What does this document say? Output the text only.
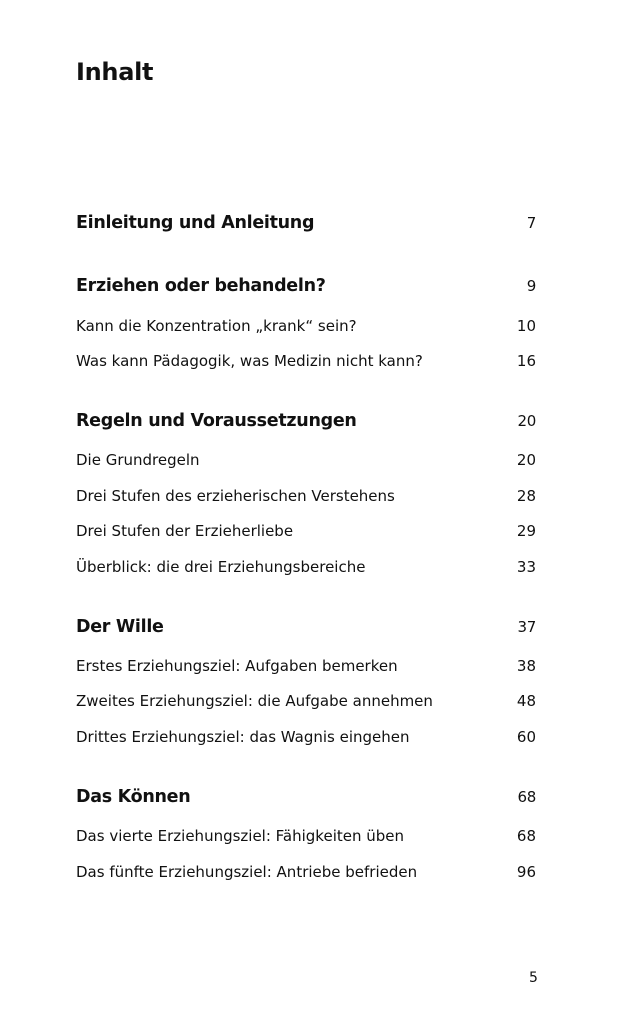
Inhalt
Einleitung und Anleitung	7
Erziehen oder behandeln?	9
Kann die Konzentration „krank“ sein?	10
Was kann Pädagogik, was Medizin nicht kann?	16
Regeln und Voraussetzungen	20
Die Grundregeln	20
Drei Stufen des erzieherischen Verstehens	28
Drei Stufen der Erzieherliebe	29
Überblick: die drei Erziehungsbereiche	33
Der Wille	37
Erstes Erziehungsziel: Aufgaben bemerken	38
Zweites Erziehungsziel: die Aufgabe annehmen	48
Drittes Erziehungsziel: das Wagnis eingehen	60
Das Können	68
Das vierte Erziehungsziel: Fähigkeiten üben	68
Das fünfte Erziehungsziel: Antriebe befrieden	96
5
